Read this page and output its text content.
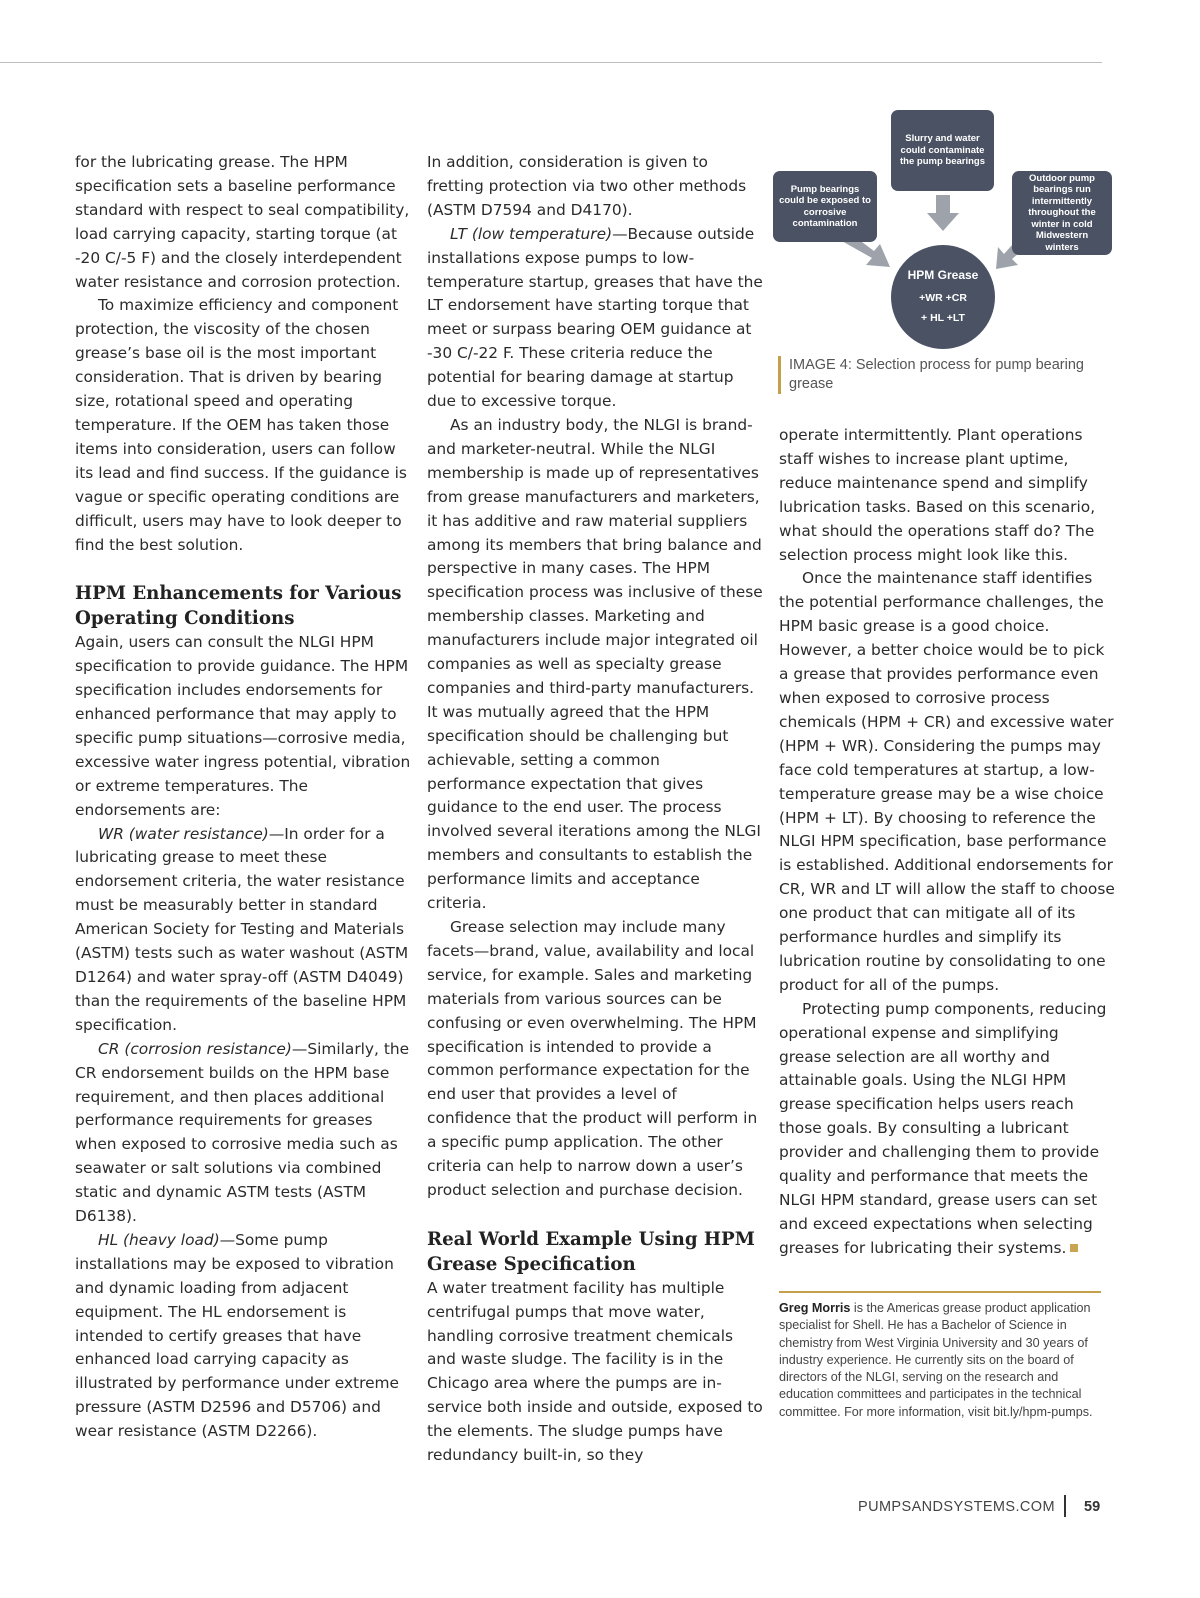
for the lubricating grease. The HPM specification sets a baseline performance standard with respect to seal compatibility, load carrying capacity, starting torque (at -20 C/-5 F) and the closely interdependent water resistance and corrosion protection.

To maximize efficiency and component protection, the viscosity of the chosen grease’s base oil is the most important consideration. That is driven by bearing size, rotational speed and operating temperature. If the OEM has taken those items into consideration, users can follow its lead and find success. If the guidance is vague or specific operating conditions are difficult, users may have to look deeper to find the best solution.

HPM Enhancements for Various Operating Conditions

Again, users can consult the NLGI HPM specification to provide guidance. The HPM specification includes endorsements for enhanced performance that may apply to specific pump situations—corrosive media, excessive water ingress potential, vibration or extreme temperatures. The endorsements are:

WR (water resistance)—In order for a lubricating grease to meet these endorsement criteria, the water resistance must be measurably better in standard American Society for Testing and Materials (ASTM) tests such as water washout (ASTM D1264) and water spray-off (ASTM D4049) than the requirements of the baseline HPM specification.

CR (corrosion resistance)—Similarly, the CR endorsement builds on the HPM base requirement, and then places additional performance requirements for greases when exposed to corrosive media such as seawater or salt solutions via combined static and dynamic ASTM tests (ASTM D6138).

HL (heavy load)—Some pump installations may be exposed to vibration and dynamic loading from adjacent equipment. The HL endorsement is intended to certify greases that have enhanced load carrying capacity as illustrated by performance under extreme pressure (ASTM D2596 and D5706) and wear resistance (ASTM D2266).

In addition, consideration is given to fretting protection via two other methods (ASTM D7594 and D4170).

LT (low temperature)—Because outside installations expose pumps to low-temperature startup, greases that have the LT endorsement have starting torque that meet or surpass bearing OEM guidance at -30 C/-22 F. These criteria reduce the potential for bearing damage at startup due to excessive torque.

As an industry body, the NLGI is brand- and marketer-neutral. While the NLGI membership is made up of representatives from grease manufacturers and marketers, it has additive and raw material suppliers among its members that bring balance and perspective in many cases. The HPM specification process was inclusive of these membership classes. Marketing and manufacturers include major integrated oil companies as well as specialty grease companies and third-party manufacturers. It was mutually agreed that the HPM specification should be challenging but achievable, setting a common performance expectation that gives guidance to the end user. The process involved several iterations among the NLGI members and consultants to establish the performance limits and acceptance criteria.

Grease selection may include many facets—brand, value, availability and local service, for example. Sales and marketing materials from various sources can be confusing or even overwhelming. The HPM specification is intended to provide a common performance expectation for the end user that provides a level of confidence that the product will perform in a specific pump application. The other criteria can help to narrow down a user’s product selection and purchase decision.

Real World Example Using HPM Grease Specification

A water treatment facility has multiple centrifugal pumps that move water, handling corrosive treatment chemicals and waste sludge. The facility is in the Chicago area where the pumps are in-service both inside and outside, exposed to the elements. The sludge pumps have redundancy built-in, so they

Slurry and water could contaminate the pump bearings
Pump bearings could be exposed to corrosive contamination
Outdoor pump bearings run intermittently throughout the winter in cold Midwestern winters
HPM Grease
+WR +CR
+ HL +LT
IMAGE 4: Selection process for pump bearing grease

operate intermittently. Plant operations staff wishes to increase plant uptime, reduce maintenance spend and simplify lubrication tasks. Based on this scenario, what should the operations staff do? The selection process might look like this.

Once the maintenance staff identifies the potential performance challenges, the HPM basic grease is a good choice. However, a better choice would be to pick a grease that provides performance even when exposed to corrosive process chemicals (HPM + CR) and excessive water (HPM + WR). Considering the pumps may face cold temperatures at startup, a low-temperature grease may be a wise choice (HPM + LT). By choosing to reference the NLGI HPM specification, base performance is established. Additional endorsements for CR, WR and LT will allow the staff to choose one product that can mitigate all of its performance hurdles and simplify its lubrication routine by consolidating to one product for all of the pumps.

Protecting pump components, reducing operational expense and simplifying grease selection are all worthy and attainable goals. Using the NLGI HPM grease specification helps users reach those goals. By consulting a lubricant provider and challenging them to provide quality and performance that meets the NLGI HPM standard, grease users can set and exceed expectations when selecting greases for lubricating their systems.

Greg Morris is the Americas grease product application specialist for Shell. He has a Bachelor of Science in chemistry from West Virginia University and 30 years of industry experience. He currently sits on the board of directors of the NLGI, serving on the research and education committees and participates in the technical committee. For more information, visit bit.ly/hpm-pumps.
PUMPSANDSYSTEMS.COM 59
